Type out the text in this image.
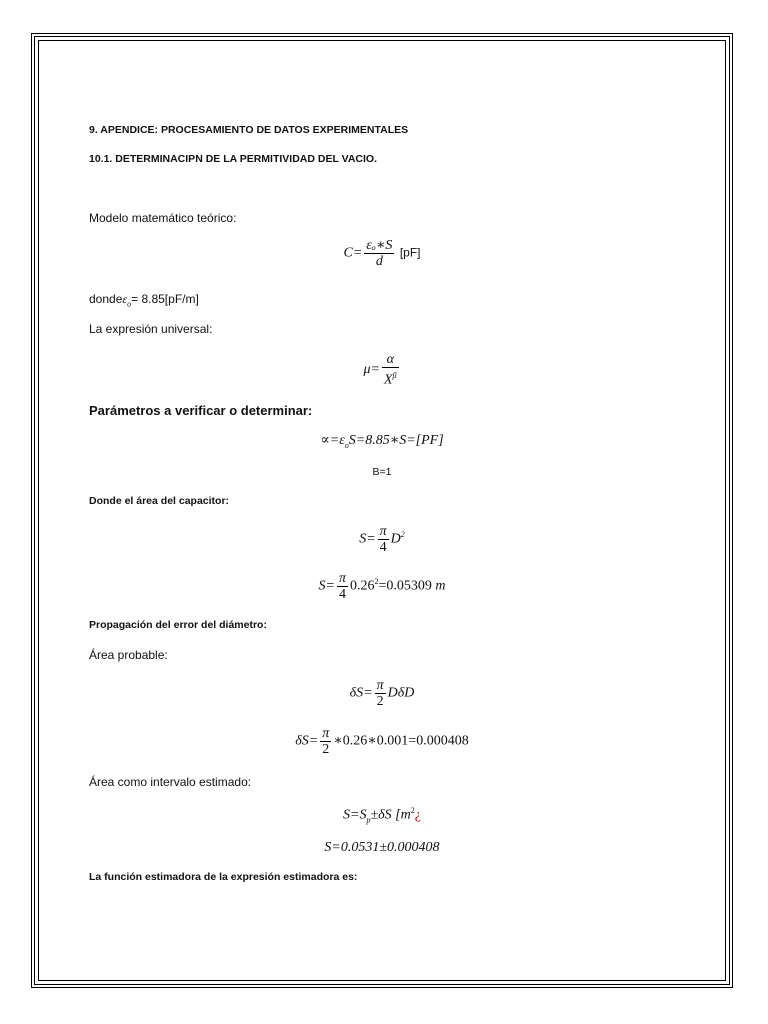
9. APENDICE: PROCESAMIENTO DE DATOS EXPERIMENTALES
10.1. DETERMINACIPN DE LA PERMITIVIDAD DEL VACIO.
Modelo matemático teórico:
$C= \frac{\text{εₒ∗S}}{d} [pF]$
dondeε$_o$= 8.85[pF/m]
La expresión universal:
$\mu= \frac{\alpha}{X^\beta}$
Parámetros a verificar o determinar:
$\propto=\varepsilon_oS=8.85∗S=[PF]$
B=1
Donde el área del capacitor:
$S= \frac{\pi}{4} D^2$
$S= \frac{\pi}{4} 0.26^2=0.05309$ m
Propagación del error del diámetro:
Área probable:
$\delta S= \frac{\pi}{2}$ DδD
$\delta S= \frac{\pi}{2}$ ∗0.26∗0.001=0.000408
Área como intervalo estimado:
$S=S_p\pm\delta S$ [$m^2¿$
S=0.0531±0.000408
La función estimadora de la expresión estimadora es:
